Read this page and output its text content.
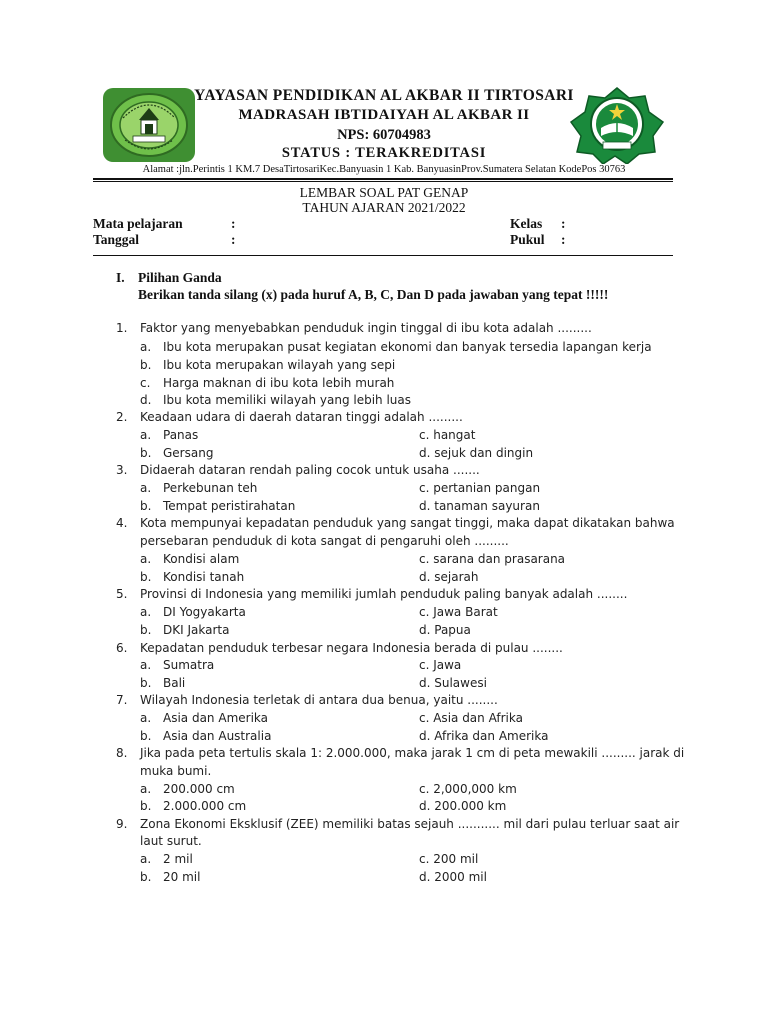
YAYASAN PENDIDIKAN AL AKBAR II TIRTOSARI
MADRASAH IBTIDAIYAH AL AKBAR II
NPS: 60704983
STATUS : TERAKREDITASI
Alamat :jln.Perintis 1 KM.7 DesaTirtosariKec.Banyuasin 1 Kab. BanyuasinProv.Sumatera Selatan KodePos 30763
LEMBAR SOAL PAT GENAP
TAHUN AJARAN 2021/2022
Mata pelajaran	:
Tanggal	:
Kelas :
Pukul :
I. Pilihan Ganda
Berikan tanda silang (x) pada huruf A, B, C, Dan D pada jawaban yang tepat !!!!!
1. Faktor yang menyebabkan penduduk ingin tinggal di ibu kota adalah .........
a. Ibu kota merupakan pusat kegiatan ekonomi dan banyak tersedia lapangan kerja
b. Ibu kota merupakan wilayah yang sepi
c. Harga maknan di ibu kota lebih murah
d. Ibu kota memiliki wilayah yang lebih luas
2. Keadaan udara di daerah dataran tinggi adalah .........
a. Panas	c. hangat
b. Gersang	d. sejuk dan dingin
3. Didaerah dataran rendah paling cocok untuk usaha .......
a. Perkebunan teh	c. pertanian pangan
b. Tempat peristirahatan	d. tanaman sayuran
4. Kota mempunyai kepadatan penduduk yang sangat tinggi, maka dapat dikatakan bahwa
persebaran penduduk di kota sangat di pengaruhi oleh .........
a. Kondisi alam	c. sarana dan prasarana
b. Kondisi tanah	d. sejarah
5. Provinsi di Indonesia yang memiliki jumlah penduduk paling banyak adalah ........
a. DI Yogyakarta	c. Jawa Barat
b. DKI Jakarta	d. Papua
6. Kepadatan penduduk terbesar negara Indonesia berada di pulau ........
a. Sumatra	c. Jawa
b. Bali	d. Sulawesi
7. Wilayah Indonesia terletak di antara dua benua, yaitu ........
a. Asia dan Amerika	c. Asia dan Afrika
b. Asia dan Australia	d. Afrika dan Amerika
8. Jika pada peta tertulis skala 1: 2.000.000, maka jarak 1 cm di peta mewakili ......... jarak di
muka bumi.
a. 200.000 cm	c. 2,000,000 km
b. 2.000.000 cm	d. 200.000 km
9. Zona Ekonomi Eksklusif (ZEE) memiliki batas sejauh ........... mil dari pulau terluar saat air
laut surut.
a. 2 mil	c. 200 mil
b. 20 mil	d. 2000 mil
